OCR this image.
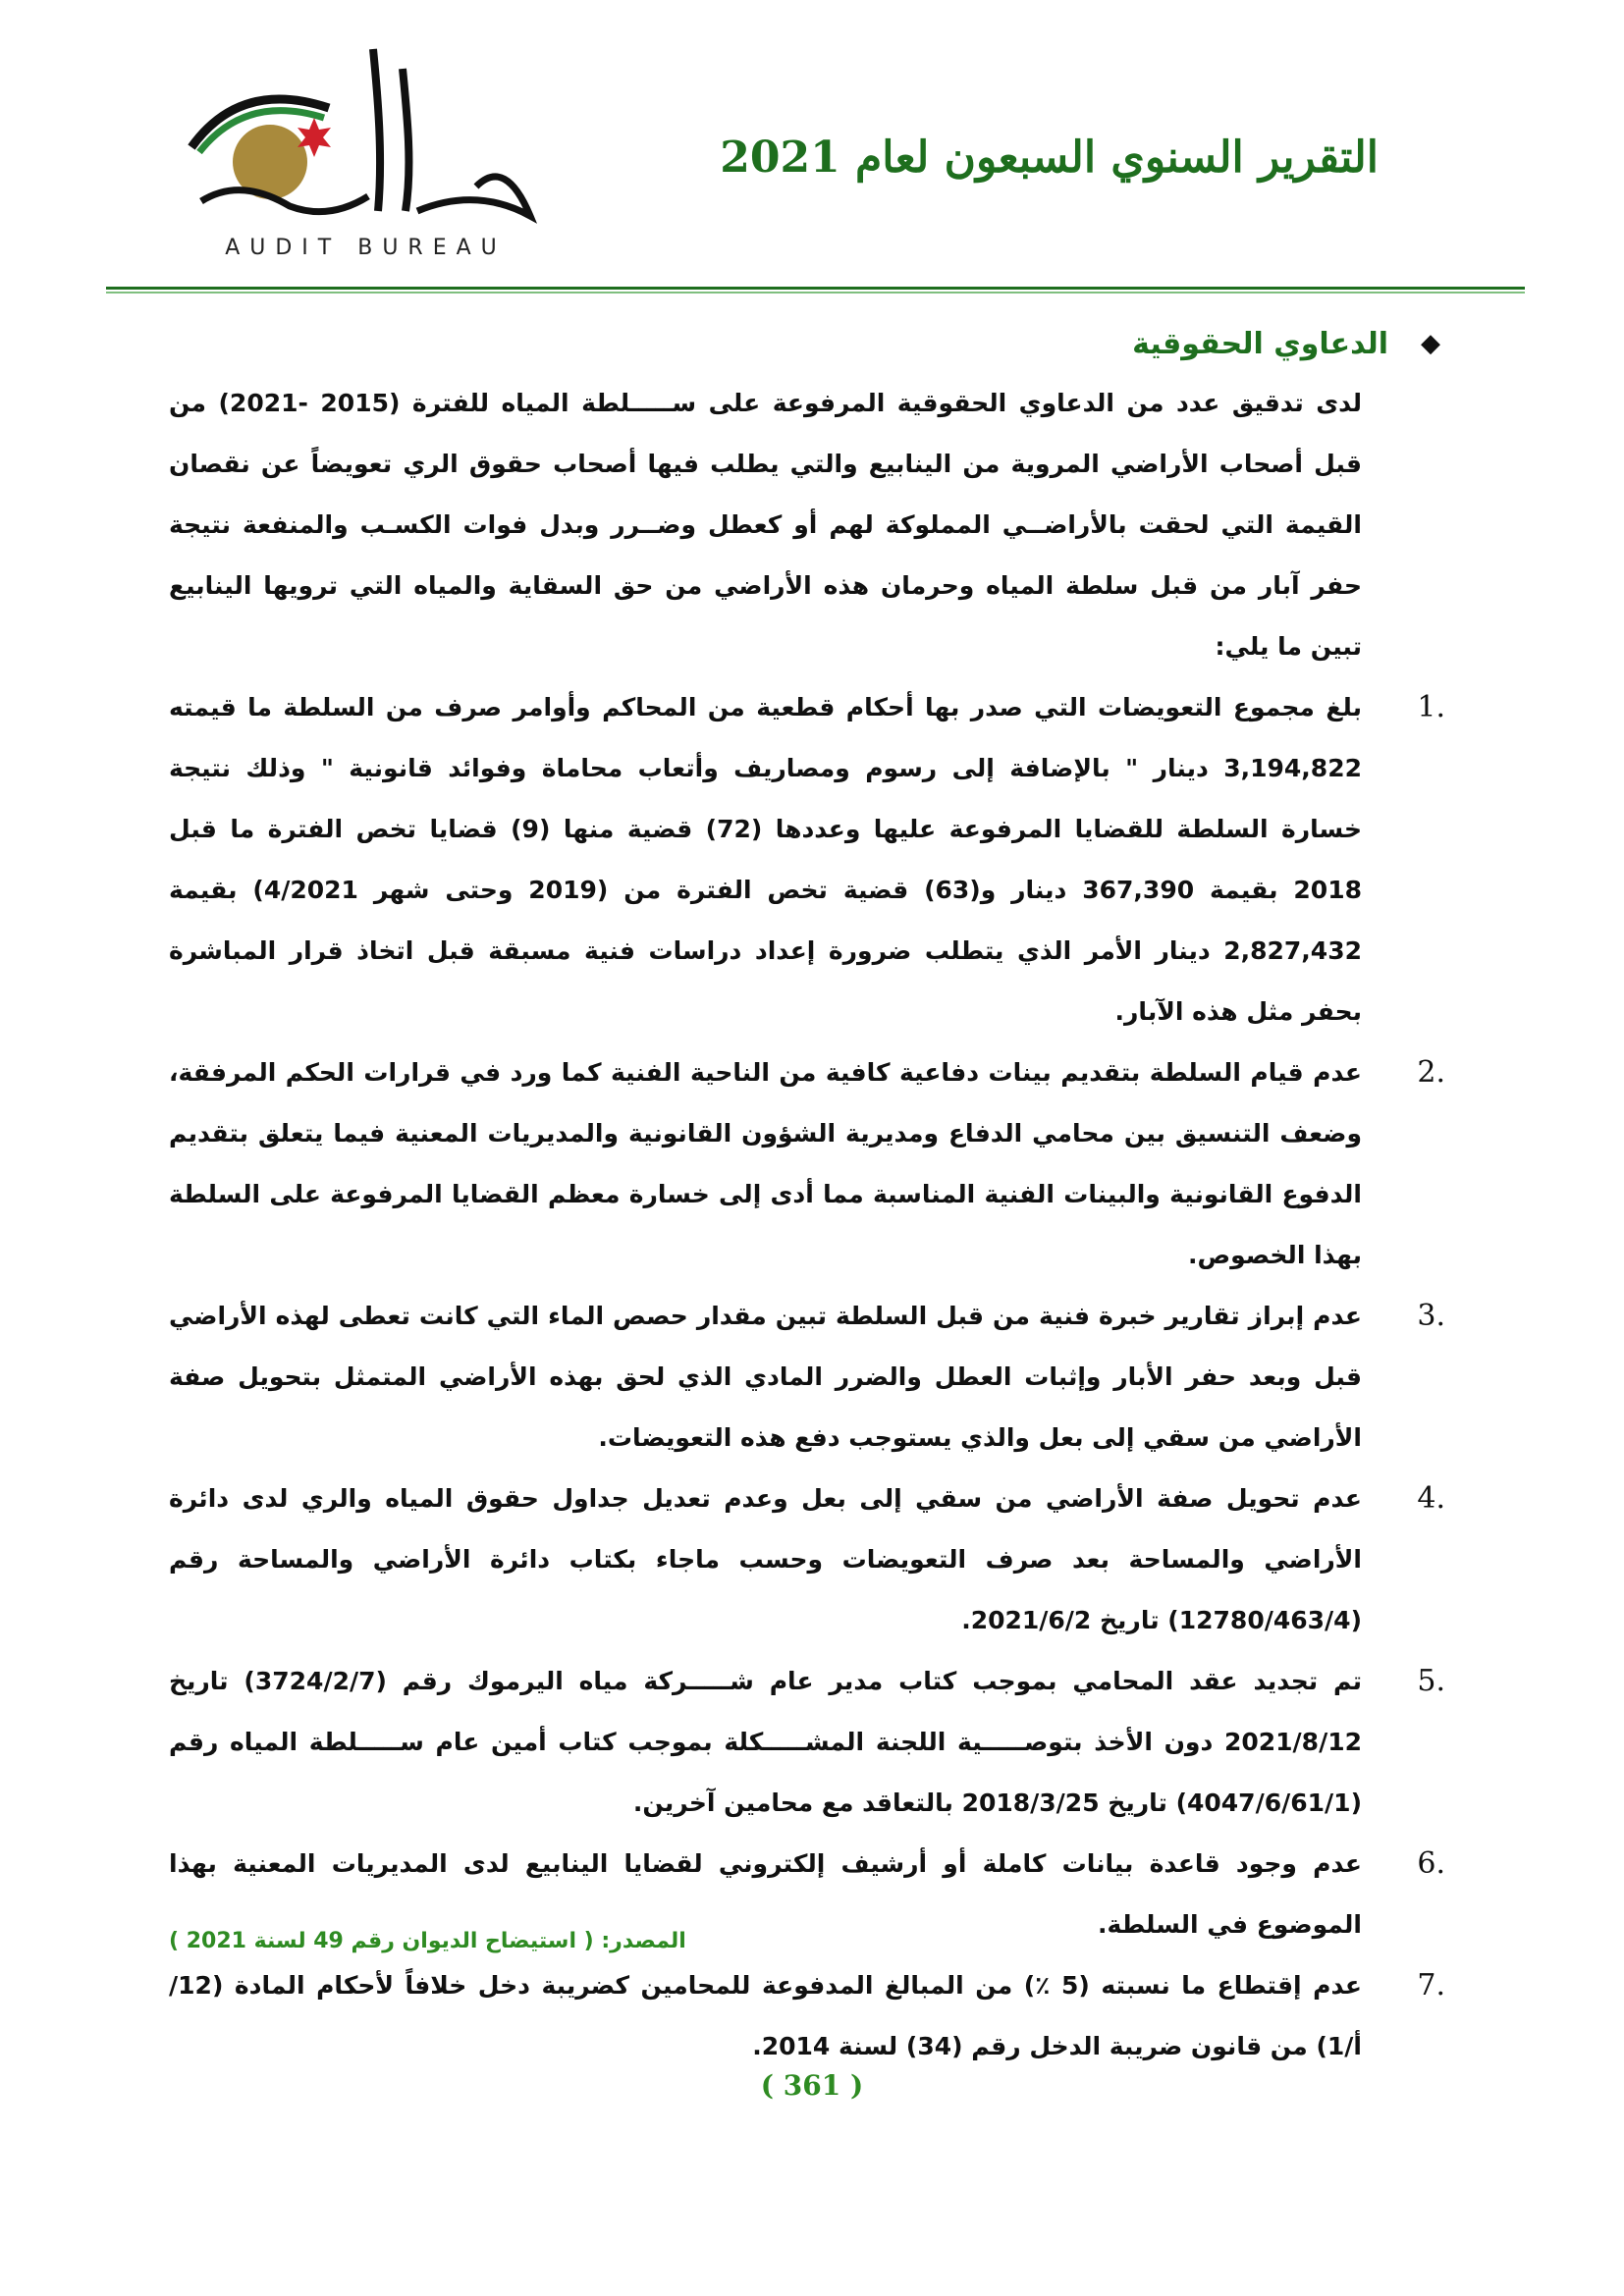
التقرير السنوي السبعون لعام 2021
AUDIT BUREAU
◆
الدعاوي الحقوقية
لدى تدقيق عدد من الدعاوي الحقوقية المرفوعة على ســـــلطة المياه للفترة (2015 -2021) من قبل أصحاب الأراضي المروية من الينابيع والتي يطلب فيها أصحاب حقوق الري تعويضاً عن نقصان القيمة التي لحقت بالأراضــي المملوكة لهم أو كعطل وضــرر وبدل فوات الكسـب والمنفعة نتيجة حفر آبار من قبل سلطة المياه وحرمان هذه الأراضي من حق السقاية والمياه التي ترويها الينابيع تبين ما يلي:
1.
بلغ مجموع التعويضات التي صدر بها أحكام قطعية من المحاكم وأوامر صرف من السلطة ما قيمته 3,194,822 دينار " بالإضافة إلى رسوم ومصاريف وأتعاب محاماة وفوائد قانونية " وذلك نتيجة خسارة السلطة للقضايا المرفوعة عليها وعددها (72) قضية منها (9) قضايا تخص الفترة ما قبل 2018 بقيمة 367,390 دينار و(63) قضية تخص الفترة من (2019 وحتى شهر 4/2021) بقيمة 2,827,432 دينار الأمر الذي يتطلب ضرورة إعداد دراسات فنية مسبقة قبل اتخاذ قرار المباشرة بحفر مثل هذه الآبار.
2.
عدم قيام السلطة بتقديم بينات دفاعية كافية من الناحية الفنية كما ورد في قرارات الحكم المرفقة، وضعف التنسيق بين محامي الدفاع ومديرية الشؤون القانونية والمديريات المعنية فيما يتعلق بتقديم الدفوع القانونية والبينات الفنية المناسبة مما أدى إلى خسارة معظم القضايا المرفوعة على السلطة بهذا الخصوص.
3.
عدم إبراز تقارير خبرة فنية من قبل السلطة تبين مقدار حصص الماء التي كانت تعطى لهذه الأراضي قبل وبعد حفر الأبار وإثبات العطل والضرر المادي الذي لحق بهذه الأراضي المتمثل بتحويل صفة الأراضي من سقي إلى بعل والذي يستوجب دفع هذه التعويضات.
4.
عدم تحويل صفة الأراضي من سقي إلى بعل وعدم تعديل جداول حقوق المياه والري لدى دائرة الأراضي والمساحة بعد صرف التعويضات وحسب ماجاء بكتاب دائرة الأراضي والمساحة رقم (12780/463/4) تاريخ 2021/6/2.
5.
تم تجديد عقد المحامي بموجب كتاب مدير عام شـــــركة مياه اليرموك رقم (3724/2/7) تاريخ 2021/8/12 دون الأخذ بتوصـــــية اللجنة المشـــــكلة بموجب كتاب أمين عام ســـــلطة المياه رقم (4047/6/61/1) تاريخ 2018/3/25 بالتعاقد مع محامين آخرين.
6.
عدم وجود قاعدة بيانات كاملة أو أرشيف إلكتروني لقضايا الينابيع لدى المديريات المعنية بهذا الموضوع في السلطة.
7.
عدم إقتطاع ما نسبته (5 ٪) من المبالغ المدفوعة للمحامين كضريبة دخل خلافاً لأحكام المادة (12/أ/1) من قانون ضريبة الدخل رقم (34) لسنة 2014.
المصدر: ( استيضاح الديوان رقم 49 لسنة 2021 )
( 361 )
